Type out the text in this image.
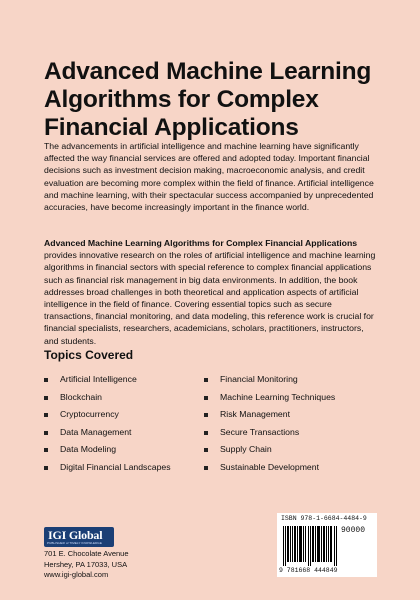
Advanced Machine Learning
Algorithms for Complex
Financial Applications
The advancements in artificial intelligence and machine learning have significantly affected the way financial services are offered and adopted today. Important financial decisions such as investment decision making, macroeconomic analysis, and credit evaluation are becoming more complex within the field of finance. Artificial intelligence and machine learning, with their spectacular success accompanied by unprecedented accuracies, have become increasingly important in the finance world.
Advanced Machine Learning Algorithms for Complex Financial Applications provides innovative research on the roles of artificial intelligence and machine learning algorithms in financial sectors with special reference to complex financial applications such as financial risk management in big data environments. In addition, the book addresses broad challenges in both theoretical and application aspects of artificial intelligence in the field of finance. Covering essential topics such as secure transactions, financial monitoring, and data modeling, this reference work is crucial for financial specialists, researchers, academicians, scholars, practitioners, instructors, and students.
Topics Covered
Artificial Intelligence
Blockchain
Cryptocurrency
Data Management
Data Modeling
Digital Financial Landscapes
Financial Monitoring
Machine Learning Techniques
Risk Management
Secure Transactions
Supply Chain
Sustainable Development
IGI Global
PUBLISHER of TIMELY KNOWLEDGE
701 E. Chocolate Avenue
Hershey, PA 17033, USA
www.igi-global.com
ISBN 978-1-6684-4484-9
90000
9 781668 444849
